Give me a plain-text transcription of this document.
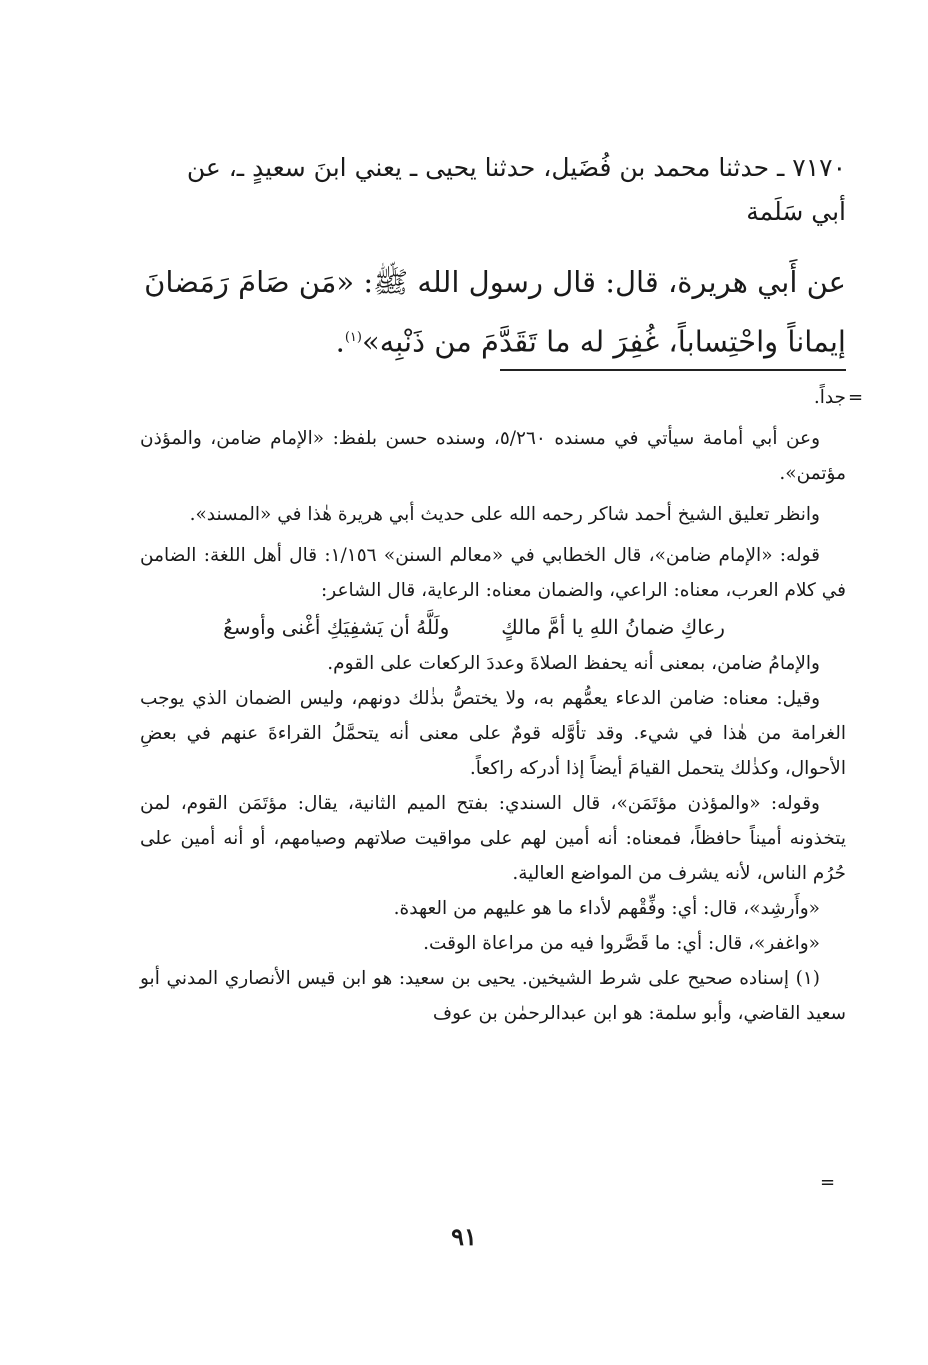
٧١٧٠ ـ حدثنا محمد بن فُضَيل، حدثنا يحيى ـ يعني ابنَ سعيدٍ ـ، عن
أبي سَلَمة
عن أَبي هريرة، قال: قال رسول الله ﷺ: «مَن صَامَ رَمَضانَ
إيماناً واحْتِساباً، غُفِرَ له ما تَقَدَّمَ من ذَنْبِه»$^{(١)}$.
=

جداً.

وعن أبي أمامة سيأتي في مسنده ٥/٢٦٠، وسنده حسن بلفظ: «الإمام ضامن، والمؤذن مؤتمن».

وانظر تعليق الشيخ أحمد شاكر رحمه الله على حديث أبي هريرة هٰذا في «المسند».

قوله: «الإمام ضامن»، قال الخطابي في «معالم السنن» ١/١٥٦: قال أهل اللغة: الضامن في كلام العرب، معناه: الراعي، والضمان معناه: الرعاية، قال الشاعر:

رعاكِ ضمانُ اللهِ يا أمَّ مالكٍ
ولَلَّهُ أن يَشفِيَكِ أغْنى وأوسعُ

والإمامُ ضامن، بمعنى أنه يحفظ الصلاةَ وعددَ الركعات على القوم.

وقيل: معناه: ضامن الدعاء يعمُّهم به، ولا يختصُّ بذٰلك دونهم، وليس الضمان الذي يوجب الغرامة من هٰذا في شيء. وقد تأوَّله قومٌ على معنى أنه يتحمَّلُ القراءةَ عنهم في بعضِ الأحوال، وكذٰلك يتحمل القيامَ أيضاً إذا أدركه راكعاً.

وقوله: «والمؤذن مؤتَمَن»، قال السندي: بفتح الميم الثانية، يقال: مؤتَمَن القوم، لمن يتخذونه أميناً حافظاً، فمعناه: أنه أمين لهم على مواقيت صلاتهم وصيامهم، أو أنه أمين على حُرُم الناس، لأنه يشرف من المواضع العالية.

«وأَرشِد»، قال: أي: وفِّقْهم لأداء ما هو عليهم من العهدة.

«واغفر»، قال: أي: ما قَصَّروا فيه من مراعاة الوقت.

(١) إسناده صحيح على شرط الشيخين. يحيى بن سعيد: هو ابن قيس الأنصاري المدني أبو سعيد القاضي، وأبو سلمة: هو ابن عبدالرحمٰن بن عوف

=
٩١
